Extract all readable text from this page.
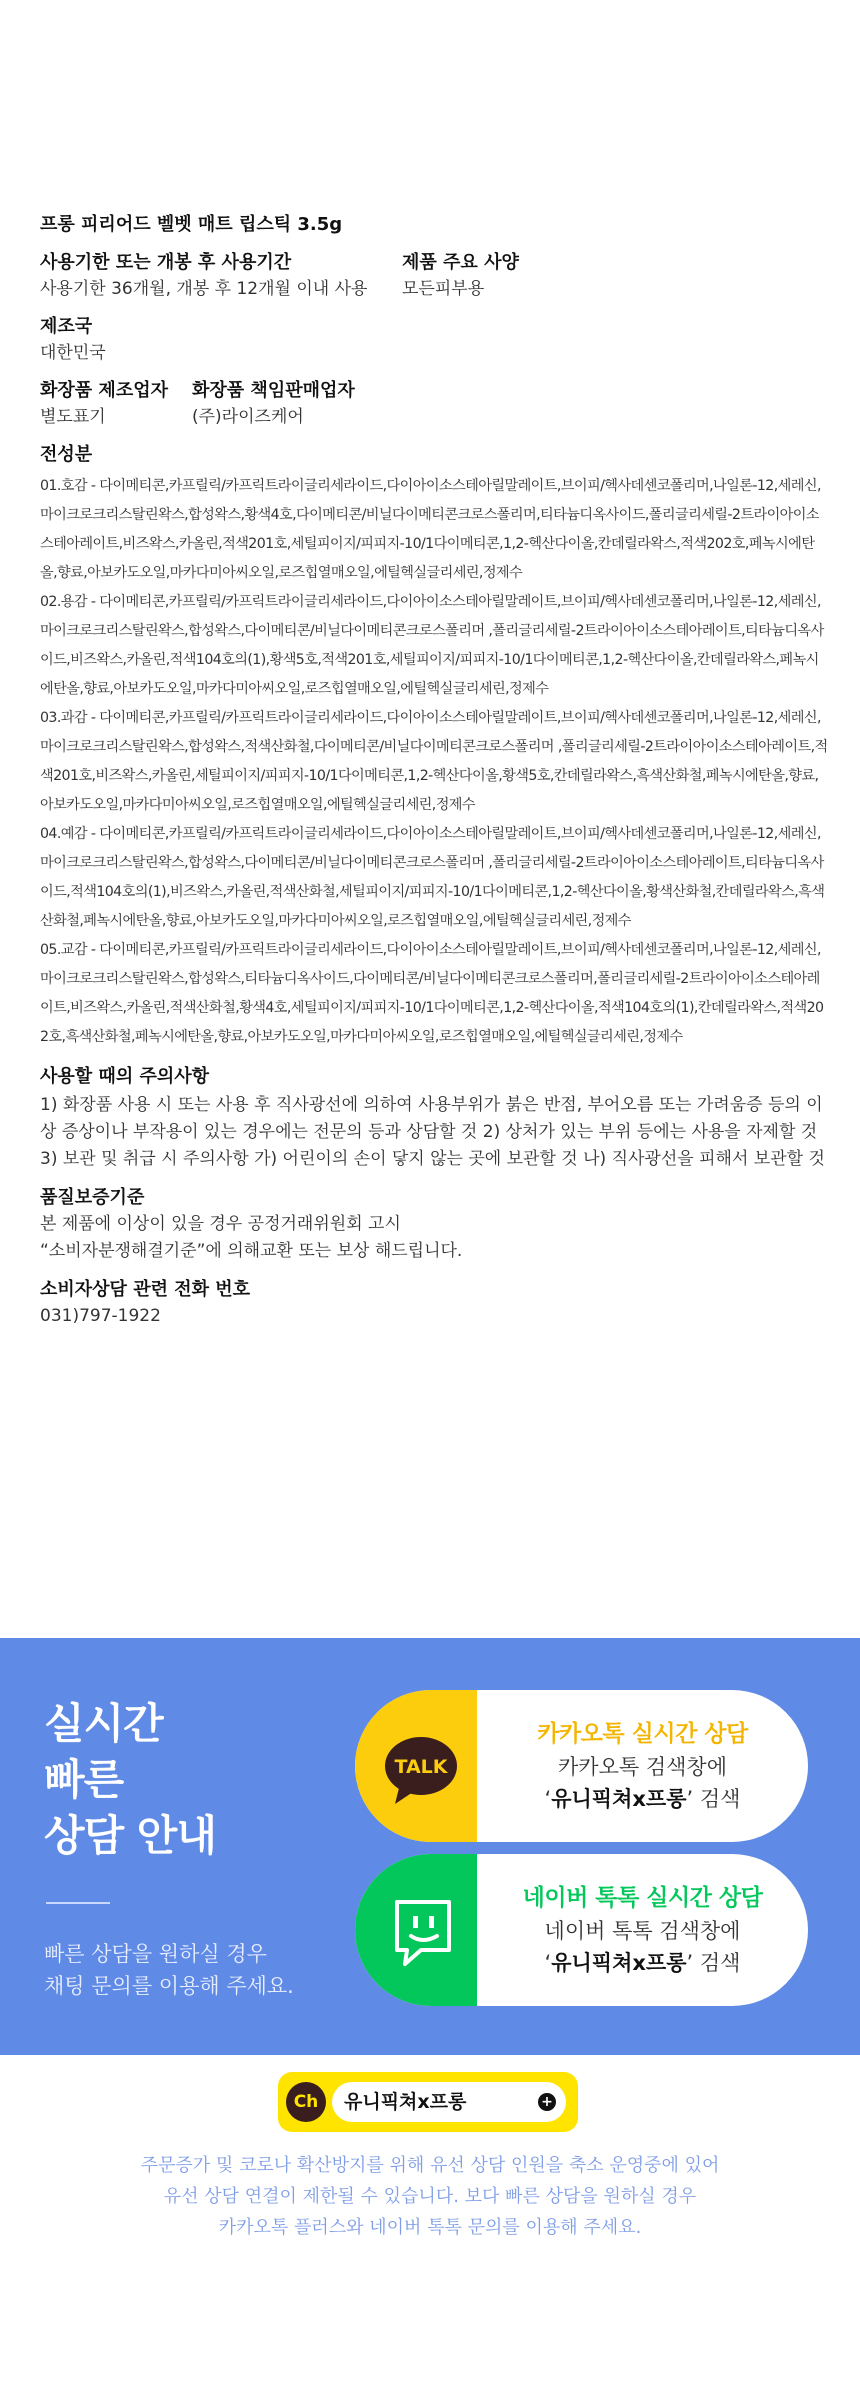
프롱 피리어드 벨벳 매트 립스틱 3.5g
사용기한 또는 개봉 후 사용기간
사용기한 36개월, 개봉 후 12개월 이내 사용
제품 주요 사양
모든피부용
제조국
대한민국
화장품 제조업자
별도표기
화장품 책임판매업자
(주)라이즈케어
전성분

01.호감 - 다이메티콘,카프릴릭/카프릭트라이글리세라이드,다이아이소스테아릴말레이트,브이피/헥사데센코폴리머,나일론-12,세레신,마이크로크리스탈린왁스,합성왁스,황색4호,다이메티콘/비닐다이메티콘크로스폴리머,티타늄디옥사이드,폴리글리세릴-2트라이아이소스테아레이트,비즈왁스,카올린,적색201호,세틸피이지/피피지-10/1다이메티콘,1,2-헥산다이올,칸데릴라왁스,적색202호,페녹시에탄올,향료,아보카도오일,마카다미아씨오일,로즈힙열매오일,에틸헥실글리세린,정제수

02.용감 - 다이메티콘,카프릴릭/카프릭트라이글리세라이드,다이아이소스테아릴말레이트,브이피/헥사데센코폴리머,나일론-12,세레신,마이크로크리스탈린왁스,합성왁스,다이메티콘/비닐다이메티콘크로스폴리머 ,폴리글리세릴-2트라이아이소스테아레이트,티타늄디옥사이드,비즈왁스,카올린,적색104호의(1),황색5호,적색201호,세틸피이지/피피지-10/1다이메티콘,1,2-헥산다이올,칸데릴라왁스,페녹시에탄올,향료,아보카도오일,마카다미아씨오일,로즈힙열매오일,에틸헥실글리세린,정제수

03.과감 - 다이메티콘,카프릴릭/카프릭트라이글리세라이드,다이아이소스테아릴말레이트,브이피/헥사데센코폴리머,나일론-12,세레신,마이크로크리스탈린왁스,합성왁스,적색산화철,다이메티콘/비닐다이메티콘크로스폴리머 ,폴리글리세릴-2트라이아이소스테아레이트,적색201호,비즈왁스,카올린,세틸피이지/피피지-10/1다이메티콘,1,2-헥산다이올,황색5호,칸데릴라왁스,흑색산화철,페녹시에탄올,향료,아보카도오일,마카다미아씨오일,로즈힙열매오일,에틸헥실글리세린,정제수

04.예감 - 다이메티콘,카프릴릭/카프릭트라이글리세라이드,다이아이소스테아릴말레이트,브이피/헥사데센코폴리머,나일론-12,세레신,마이크로크리스탈린왁스,합성왁스,다이메티콘/비닐다이메티콘크로스폴리머 ,폴리글리세릴-2트라이아이소스테아레이트,티타늄디옥사이드,적색104호의(1),비즈왁스,카올린,적색산화철,세틸피이지/피피지-10/1다이메티콘,1,2-헥산다이올,황색산화철,칸데릴라왁스,흑색산화철,페녹시에탄올,향료,아보카도오일,마카다미아씨오일,로즈힙열매오일,에틸헥실글리세린,정제수

05.교감 - 다이메티콘,카프릴릭/카프릭트라이글리세라이드,다이아이소스테아릴말레이트,브이피/헥사데센코폴리머,나일론-12,세레신,마이크로크리스탈린왁스,합성왁스,티타늄디옥사이드,다이메티콘/비닐다이메티콘크로스폴리머,폴리글리세릴-2트라이아이소스테아레이트,비즈왁스,카올린,적색산화철,황색4호,세틸피이지/피피지-10/1다이메티콘,1,2-헥산다이올,적색104호의(1),칸데릴라왁스,적색202호,흑색산화철,페녹시에탄올,향료,아보카도오일,마카다미아씨오일,로즈힙열매오일,에틸헥실글리세린,정제수

사용할 때의 주의사항

1) 화장품 사용 시 또는 사용 후 직사광선에 의하여 사용부위가 붉은 반점, 부어오름 또는 가려움증 등의 이상 증상이나 부작용이 있는 경우에는 전문의 등과 상담할 것 2) 상처가 있는 부위 등에는 사용을 자제할 것 3) 보관 및 취급 시 주의사항 가) 어린이의 손이 닿지 않는 곳에 보관할 것 나) 직사광선을 피해서 보관할 것

품질보증기준

본 제품에 이상이 있을 경우 공정거래위원회 고시

“소비자분쟁해결기준”에 의해교환 또는 보상 해드립니다.

소비자상담 관련 전화 번호
031)797-1922
실시간
빠른
상담 안내
빠른 상담을 원하실 경우
채팅 문의를 이용해 주세요.
TALK
카카오톡 실시간 상담
카카오톡 검색창에
‘유니픽쳐x프롱’ 검색
네이버 톡톡 실시간 상담
네이버 톡톡 검색창에
‘유니픽쳐x프롱’ 검색
Ch	유니픽쳐x프롱	+
주문증가 및 코로나 확산방지를 위해 유선 상담 인원을 축소 운영중에 있어
유선 상담 연결이 제한될 수 있습니다. 보다 빠른 상담을 원하실 경우
카카오톡 플러스와 네이버 톡톡 문의를 이용해 주세요.
